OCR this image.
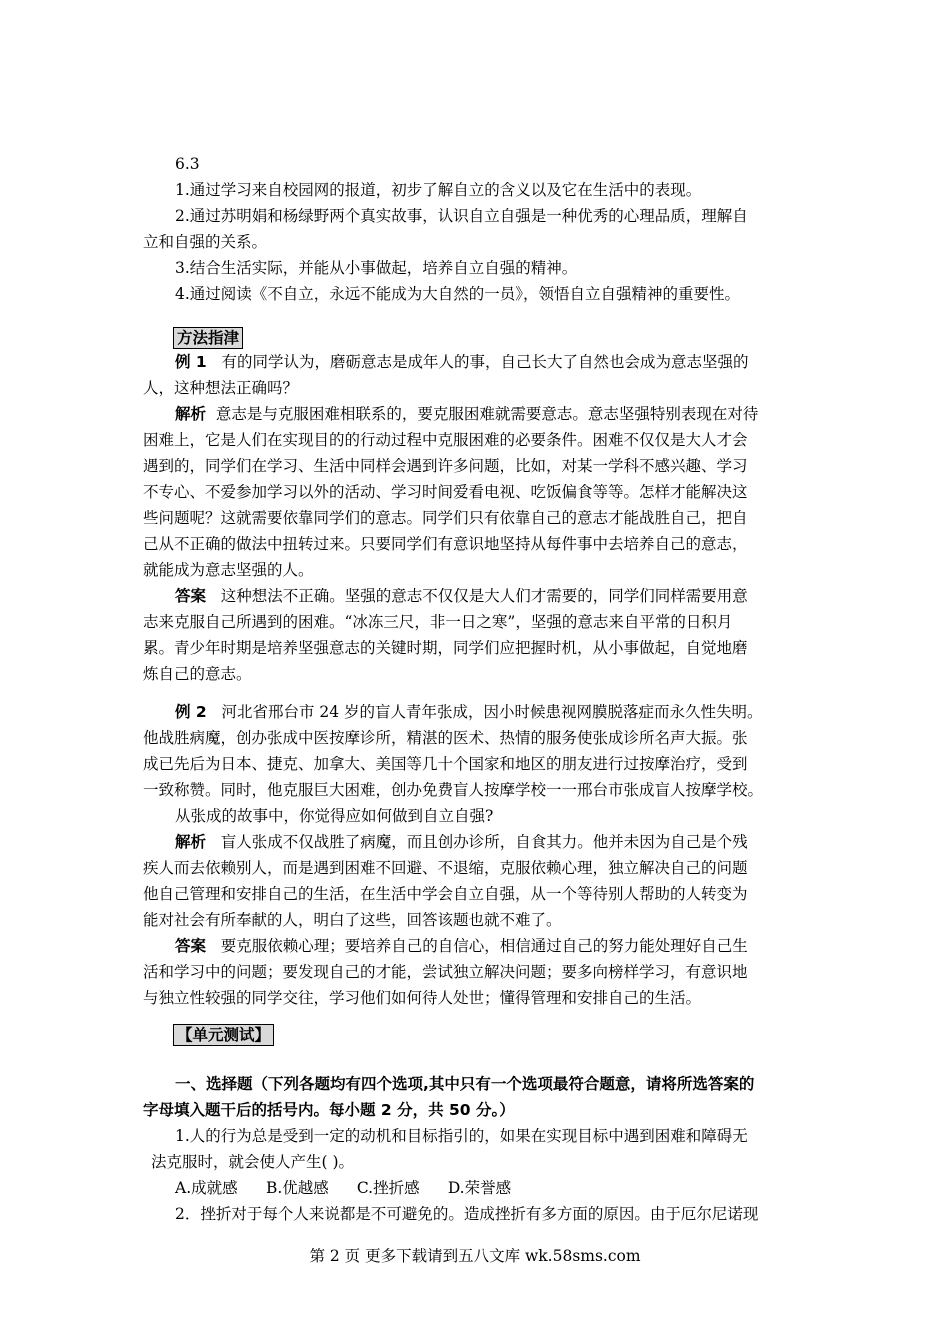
6.3
1.通过学习来自校园网的报道，初步了解自立的含义以及它在生活中的表现。
2.通过苏明娟和杨绿野两个真实故事，认识自立自强是一种优秀的心理品质，理解自
立和自强的关系。
3.结合生活实际，并能从小事做起，培养自立自强的精神。
4.通过阅读《不自立，永远不能成为大自然的一员》，领悟自立自强精神的重要性。
方法指津
例 1 有的同学认为，磨砺意志是成年人的事，自己长大了自然也会成为意志坚强的
人，这种想法正确吗？
解析 意志是与克服困难相联系的，要克服困难就需要意志。意志坚强特别表现在对待
困难上，它是人们在实现目的的行动过程中克服困难的必要条件。困难不仅仅是大人才会
遇到的，同学们在学习、生活中同样会遇到许多问题，比如，对某一学科不感兴趣、学习
不专心、不爱参加学习以外的活动、学习时间爱看电视、吃饭偏食等等。怎样才能解决这
些问题呢？这就需要依靠同学们的意志。同学们只有依靠自己的意志才能战胜自己，把自
己从不正确的做法中扭转过来。只要同学们有意识地坚持从每件事中去培养自己的意志，
就能成为意志坚强的人。
答案 这种想法不正确。坚强的意志不仅仅是大人们才需要的，同学们同样需要用意
志来克服自己所遇到的困难。“冰冻三尺，非一日之寒”，坚强的意志来自平常的日积月
累。青少年时期是培养坚强意志的关键时期，同学们应把握时机，从小事做起，自觉地磨
炼自己的意志。
例 2 河北省邢台市 24 岁的盲人青年张成，因小时候患视网膜脱落症而永久性失明。
他战胜病魔，创办张成中医按摩诊所，精湛的医术、热情的服务使张成诊所名声大振。张
成已先后为日本、捷克、加拿大、美国等几十个国家和地区的朋友进行过按摩治疗，受到
一致称赞。同时，他克服巨大困难，创办免费盲人按摩学校一一邢台市张成盲人按摩学校。
从张成的故事中，你觉得应如何做到自立自强?
解析 盲人张成不仅战胜了病魔，而且创办诊所，自食其力。他并未因为自己是个残
疾人而去依赖别人，而是遇到困难不回避、不退缩，克服依赖心理，独立解决自己的问题
他自己管理和安排自己的生活，在生活中学会自立自强，从一个等待别人帮助的人转变为
能对社会有所奉献的人，明白了这些，回答该题也就不难了。
答案 要克服依赖心理；要培养自己的自信心，相信通过自己的努力能处理好自己生
活和学习中的问题；要发现自己的才能，尝试独立解决问题；要多向榜样学习，有意识地
与独立性较强的同学交往，学习他们如何待人处世；懂得管理和安排自己的生活。
【单元测试】
一、选择题（下列各题均有四个选项,其中只有一个选项最符合题意，请将所选答案的
字母填入题干后的括号内。每小题 2 分，共 50 分。）
1.人的行为总是受到一定的动机和目标指引的，如果在实现目标中遇到困难和障碍无
法克服时，就会使人产生( )。
A.成就感 B.优越感 C.挫折感 D.荣誉感
2．挫折对于每个人来说都是不可避免的。造成挫折有多方面的原因。由于厄尔尼诺现
第 2 页 更多下载请到五八文库 wk.58sms.com
